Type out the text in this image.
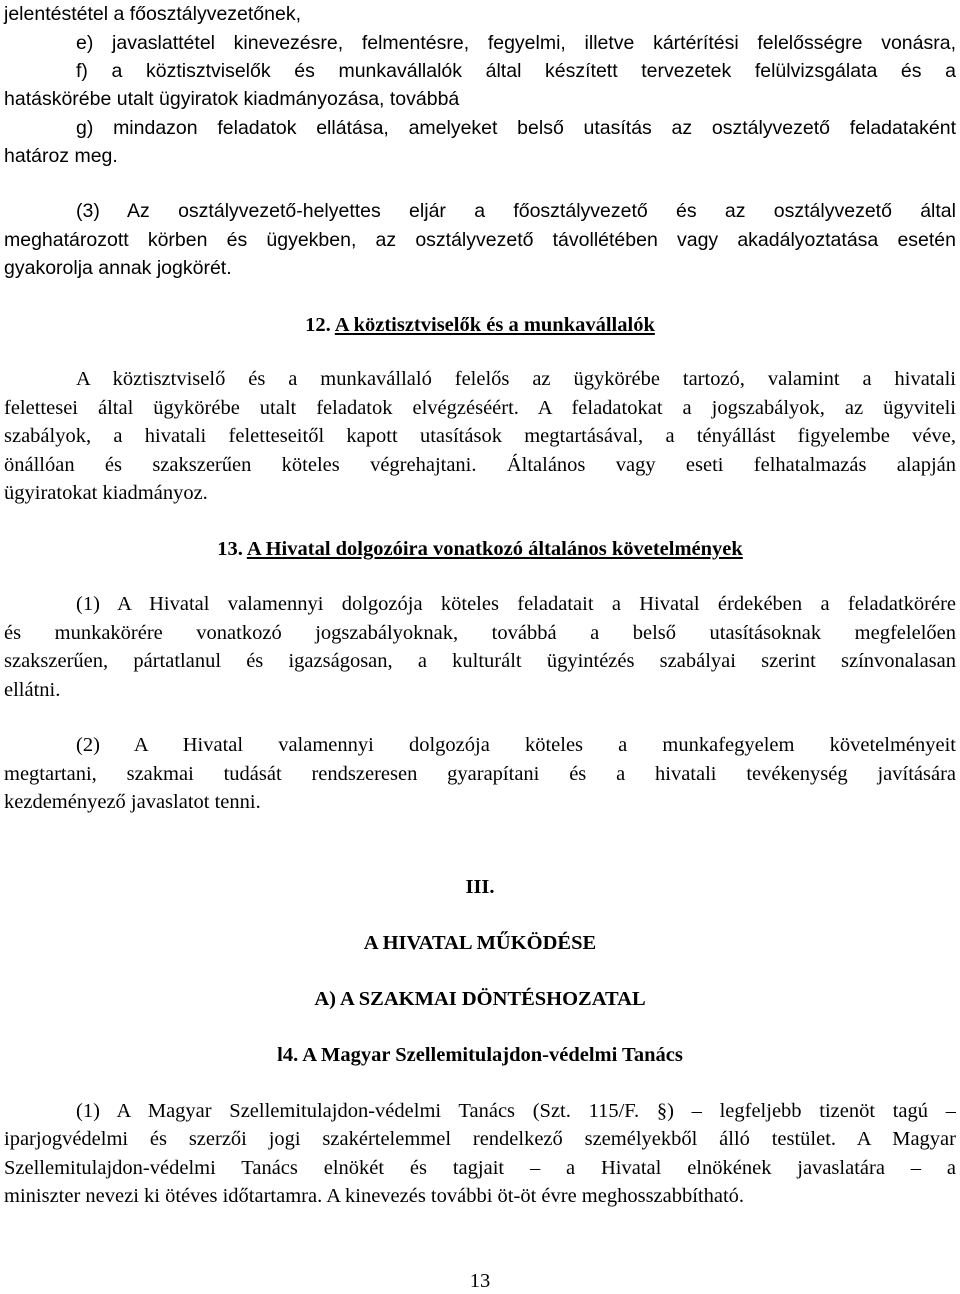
jelentéstétel a főosztályvezetőnek,
e) javaslattétel kinevezésre, felmentésre, fegyelmi, illetve kártérítési felelősségre vonásra,
f) a köztisztviselők és munkavállalók által készített tervezetek felülvizsgálata és a
hatáskörébe utalt ügyiratok kiadmányozása, továbbá
g) mindazon feladatok ellátása, amelyeket belső utasítás az osztályvezető feladataként
határoz meg.
(3) Az osztályvezető-helyettes eljár a főosztályvezető és az osztályvezető által
meghatározott körben és ügyekben, az osztályvezető távollétében vagy akadályoztatása esetén
gyakorolja annak jogkörét.
12. A köztisztviselők és a munkavállalók
A köztisztviselő és a munkavállaló felelős az ügykörébe tartozó, valamint a hivatali
felettesei által ügykörébe utalt feladatok elvégzéséért. A feladatokat a jogszabályok, az ügyviteli
szabályok, a hivatali feletteseitől kapott utasítások megtartásával, a tényállást figyelembe véve,
önállóan és szakszerűen köteles végrehajtani. Általános vagy eseti felhatalmazás alapján
ügyiratokat kiadmányoz.
13. A Hivatal dolgozóira vonatkozó általános követelmények
(1) A Hivatal valamennyi dolgozója köteles feladatait a Hivatal érdekében a feladatkörére
és munkakörére vonatkozó jogszabályoknak, továbbá a belső utasításoknak megfelelően
szakszerűen, pártatlanul és igazságosan, a kulturált ügyintézés szabályai szerint színvonalasan
ellátni.
(2) A Hivatal valamennyi dolgozója köteles a munkafegyelem követelményeit
megtartani, szakmai tudását rendszeresen gyarapítani és a hivatali tevékenység javítására
kezdeményező javaslatot tenni.
III.
A HIVATAL MŰKÖDÉSE
A) A SZAKMAI DÖNTÉSHOZATAL
l4. A Magyar Szellemitulajdon-védelmi Tanács
(1) A Magyar Szellemitulajdon-védelmi Tanács (Szt. 115/F. §) – legfeljebb tizenöt tagú –
iparjogvédelmi és szerzői jogi szakértelemmel rendelkező személyekből álló testület. A Magyar
Szellemitulajdon-védelmi Tanács elnökét és tagjait – a Hivatal elnökének javaslatára – a
miniszter nevezi ki ötéves időtartamra. A kinevezés további öt-öt évre meghosszabbítható.
13
